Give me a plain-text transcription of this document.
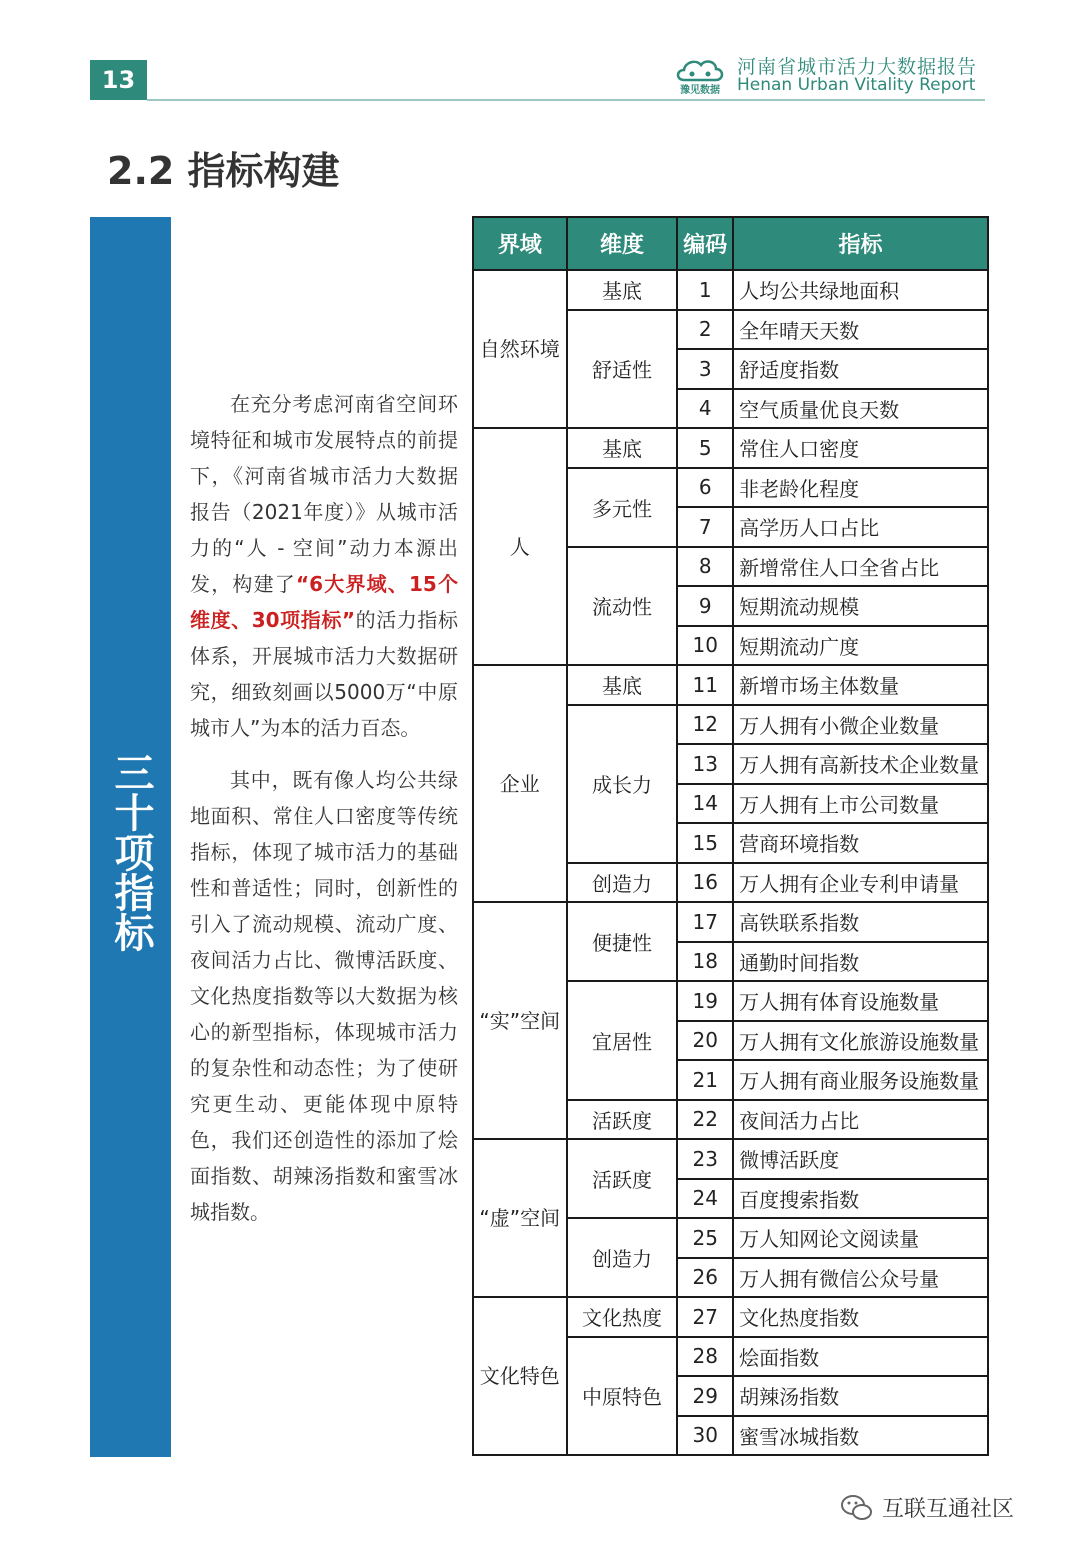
13	豫见数据
河南省城市活力大数据报告
Henan Urban Vitality Report
2.2 指标构建
三十项指标

在充分考虑河南省空间环境特征和城市发展特点的前提下，《河南省城市活力大数据报告（2021年度）》从城市活力的“人 - 空间”动力本源出发，构建了“6大界域、15个维度、30项指标”的活力指标体系，开展城市活力大数据研究，细致刻画以5000万“中原城市人”为本的活力百态。

其中，既有像人均公共绿地面积、常住人口密度等传统指标，体现了城市活力的基础性和普适性；同时，创新性的引入了流动规模、流动广度、夜间活力占比、微博活跃度、文化热度指数等以大数据为核心的新型指标，体现城市活力的复杂性和动态性；为了使研究更生动、更能体现中原特色，我们还创造性的添加了烩面指数、胡辣汤指数和蜜雪冰城指数。

界域	维度	编码	指标
自然环境	基底	1	人均公共绿地面积
	舒适性	2	全年晴天天数
		3	舒适度指数
		4	空气质量优良天数
人	基底	5	常住人口密度
	多元性	6	非老龄化程度
		7	高学历人口占比
	流动性	8	新增常住人口全省占比
		9	短期流动规模
		10	短期流动广度
企业	基底	11	新增市场主体数量
	成长力	12	万人拥有小微企业数量
		13	万人拥有高新技术企业数量
		14	万人拥有上市公司数量
		15	营商环境指数
	创造力	16	万人拥有企业专利申请量
“实”空间	便捷性	17	高铁联系指数
		18	通勤时间指数
	宜居性	19	万人拥有体育设施数量
		20	万人拥有文化旅游设施数量
		21	万人拥有商业服务设施数量
	活跃度	22	夜间活力占比
“虚”空间	活跃度	23	微博活跃度
		24	百度搜索指数
	创造力	25	万人知网论文阅读量
		26	万人拥有微信公众号量
文化特色	文化热度	27	文化热度指数
	中原特色	28	烩面指数
		29	胡辣汤指数
		30	蜜雪冰城指数
互联互通社区
